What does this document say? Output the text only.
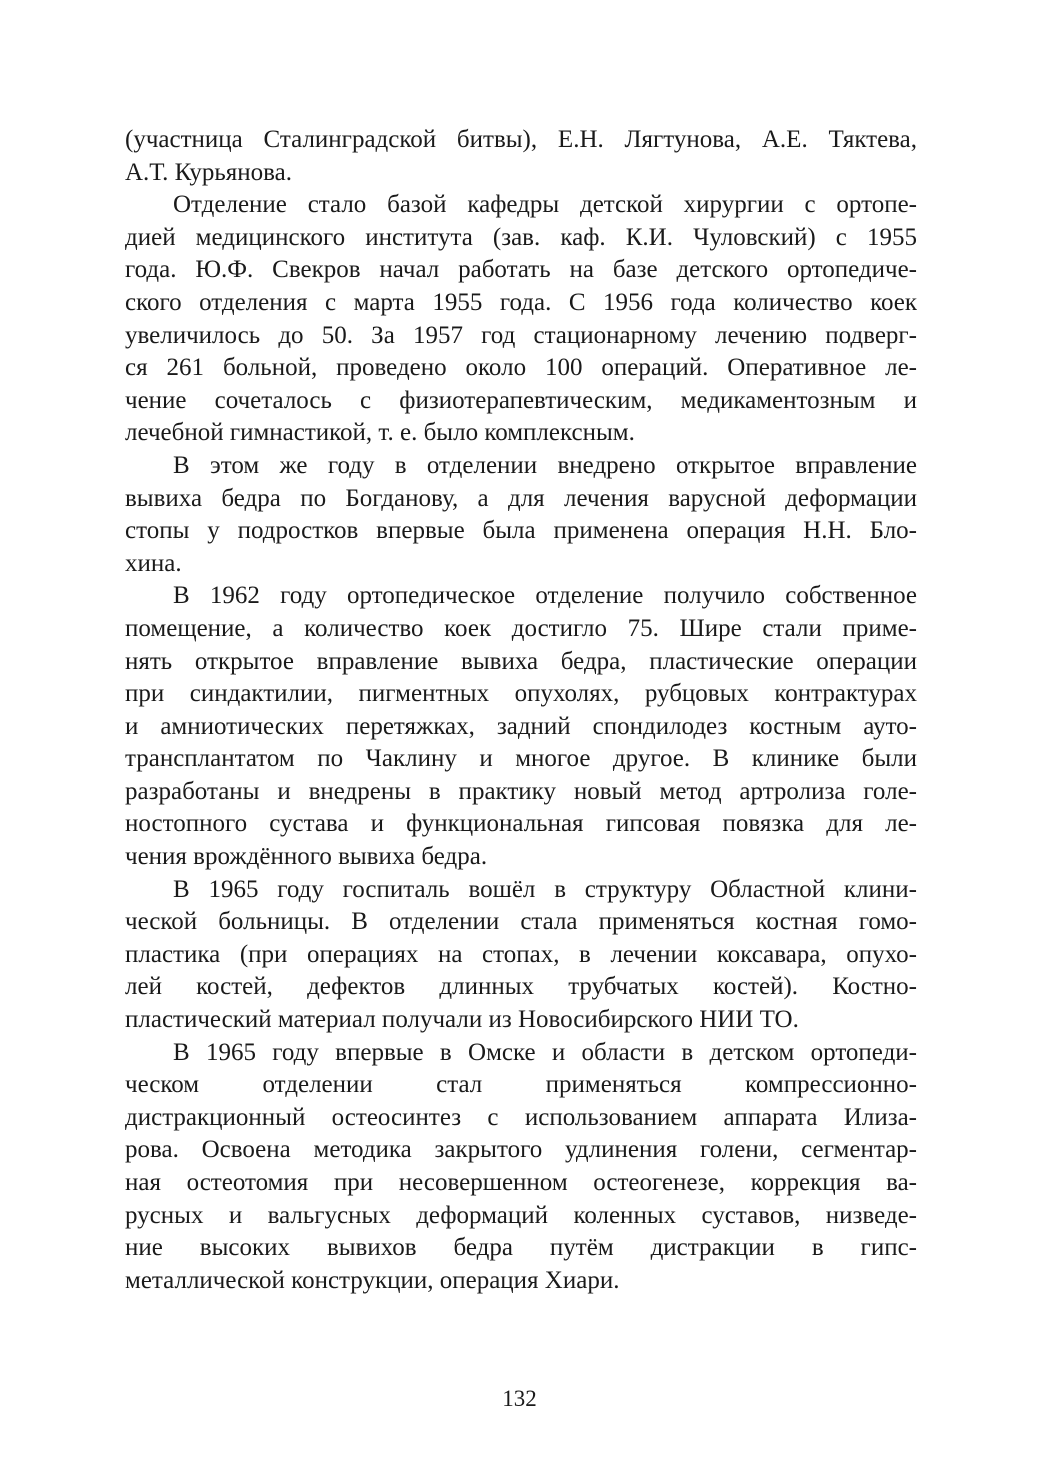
(участница Сталинградской битвы), Е.Н. Лягтунова, А.Е. Тяктева,
А.Т. Курьянова.
Отделение стало базой кафедры детской хирургии с ортопе-
дией медицинского института (зав. каф. К.И. Чуловский) с 1955
года. Ю.Ф. Свекров начал работать на базе детского ортопедиче-
ского отделения с марта 1955 года. С 1956 года количество коек
увеличилось до 50. За 1957 год стационарному лечению подверг-
ся 261 больной, проведено около 100 операций. Оперативное ле-
чение сочеталось с физиотерапевтическим, медикаментозным и
лечебной гимнастикой, т. е. было комплексным.
В этом же году в отделении внедрено открытое вправление
вывиха бедра по Богданову, а для лечения варусной деформации
стопы у подростков впервые была применена операция Н.Н. Бло-
хина.
В 1962 году ортопедическое отделение получило собственное
помещение, а количество коек достигло 75. Шире стали приме-
нять открытое вправление вывиха бедра, пластические операции
при синдактилии, пигментных опухолях, рубцовых контрактурах
и амниотических перетяжках, задний спондилодез костным ауто-
трансплантатом по Чаклину и многое другое. В клинике были
разработаны и внедрены в практику новый метод артролиза голе-
ностопного сустава и функциональная гипсовая повязка для ле-
чения врождённого вывиха бедра.
В 1965 году госпиталь вошёл в структуру Областной клини-
ческой больницы. В отделении стала применяться костная гомо-
пластика (при операциях на стопах, в лечении коксавара, опухо-
лей костей, дефектов длинных трубчатых костей). Костно-
пластический материал получали из Новосибирского НИИ ТО.
В 1965 году впервые в Омске и области в детском ортопеди-
ческом отделении стал применяться компрессионно-
дистракционный остеосинтез с использованием аппарата Илиза-
рова. Освоена методика закрытого удлинения голени, сегментар-
ная остеотомия при несовершенном остеогенезе, коррекция ва-
русных и вальгусных деформаций коленных суставов, низведе-
ние высоких вывихов бедра путём дистракции в гипс-
металлической конструкции, операция Хиари.
132
